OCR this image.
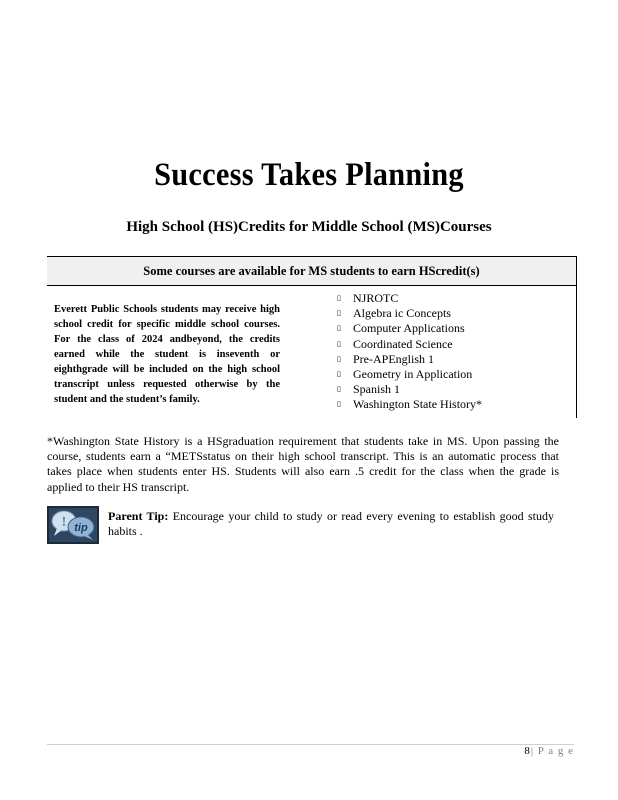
Success Takes Planning
High School (HS)Credits for Middle School (MS)Courses
Some courses are available for MS students to earn HScredit(s)
Everett Public Schools students may receive high school credit for specific middle school courses. For the class of 2024 andbeyond, the credits earned while the student is inseventh or eighthgrade will be included on the high school transcript unless requested otherwise by the student and the student’s family.
▯ NJROTC
▯ Algebra ic Concepts
▯ Computer Applications
▯ Coordinated Science
▯ Pre-APEnglish 1
▯ Geometry in Application
▯ Spanish 1
▯ Washington State History*
*Washington State History is a HSgraduation requirement that students take in MS. Upon passing the course, students earn a “METSstatus on their high school transcript. This is an automatic process that takes place when students enter HS. Students will also earn .5 credit for the class when the grade is applied to their HS transcript.
! tip
Parent Tip: Encourage your child to study or read every evening to establish good study habits .
8| P a g e
